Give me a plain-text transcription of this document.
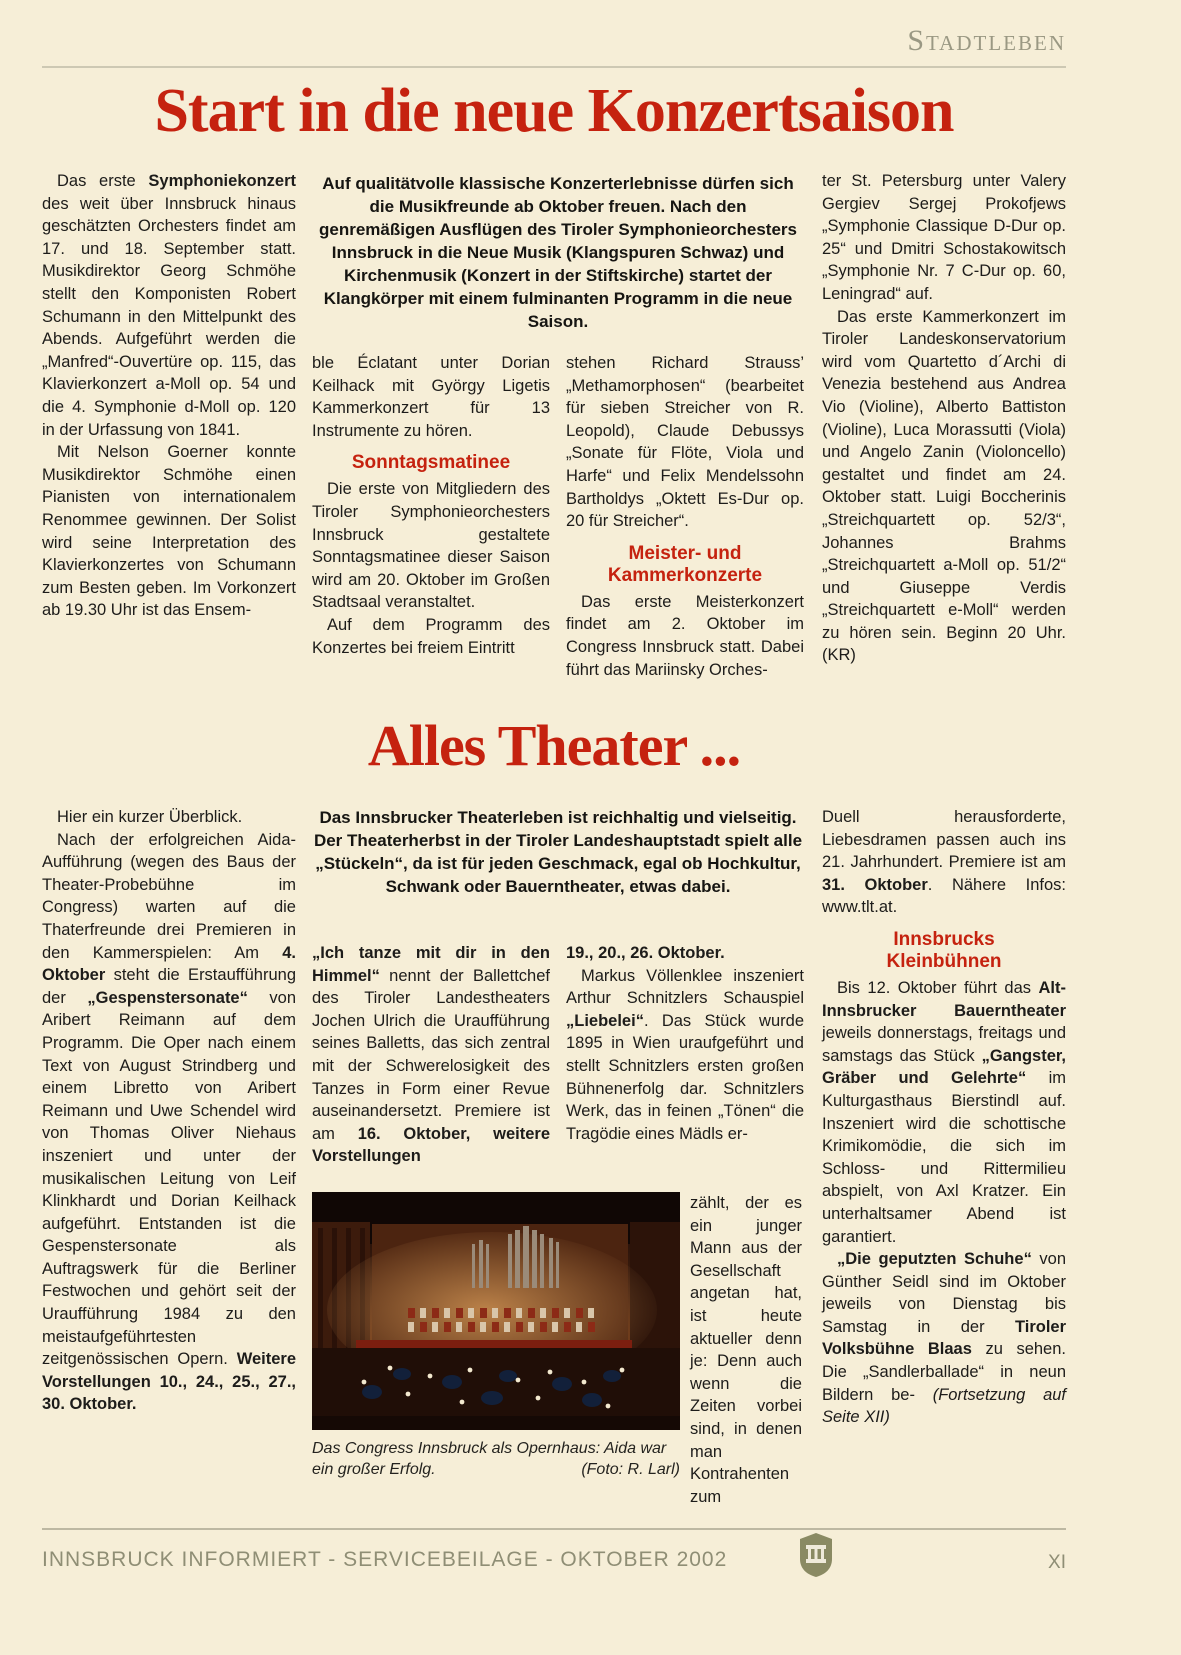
Stadtleben
Start in die neue Konzertsaison

Das erste Symphoniekonzert des weit über Innsbruck hinaus geschätzten Orchesters findet am 17. und 18. September statt. Musikdirektor Georg Schmöhe stellt den Komponisten Robert Schumann in den Mittelpunkt des Abends. Aufgeführt werden die „Manfred“-Ouvertüre op. 115, das Klavierkonzert a-Moll op. 54 und die 4. Symphonie d-Moll op. 120 in der Urfassung von 1841.

Mit Nelson Goerner konnte Musikdirektor Schmöhe einen Pianisten von internationalem Renommee gewinnen. Der Solist wird seine Interpretation des Klavierkonzertes von Schumann zum Besten geben. Im Vorkonzert ab 19.30 Uhr ist das Ensem-

Auf qualitätvolle klassische Konzerterlebnisse dürfen sich die Musikfreunde ab Oktober freuen. Nach den genremäßigen Ausflügen des Tiroler Symphonieorchesters Innsbruck in die Neue Musik (Klangspuren Schwaz) und Kirchenmusik (Konzert in der Stiftskirche) startet der Klangkörper mit einem fulminanten Programm in die neue Saison.

ble Éclatant unter Dorian Keilhack mit György Ligetis Kammerkonzert für 13 Instrumente zu hören.

Sonntagsmatinee

Die erste von Mitgliedern des Tiroler Symphonieorchesters Innsbruck gestaltete Sonntagsmatinee dieser Saison wird am 20. Oktober im Großen Stadtsaal veranstaltet.

Auf dem Programm des Konzertes bei freiem Eintritt

stehen Richard Strauss’ „Methamorphosen“ (bearbeitet für sieben Streicher von R. Leopold), Claude Debussys „Sonate für Flöte, Viola und Harfe“ und Felix Mendelssohn Bartholdys „Oktett Es-Dur op. 20 für Streicher“.

Meister- und Kammerkonzerte

Das erste Meisterkonzert findet am 2. Oktober im Congress Innsbruck statt. Dabei führt das Mariinsky Orches-

ter St. Petersburg unter Valery Gergiev Sergej Prokofjews „Symphonie Classique D-Dur op. 25“ und Dmitri Schostakowitsch „Symphonie Nr. 7 C-Dur op. 60, Leningrad“ auf.

Das erste Kammerkonzert im Tiroler Landeskonservatorium wird vom Quartetto d´Archi di Venezia bestehend aus Andrea Vio (Violine), Alberto Battiston (Violine), Luca Morassutti (Viola) und Angelo Zanin (Violoncello) gestaltet und findet am 24. Oktober statt. Luigi Boccherinis „Streichquartett op. 52/3“, Johannes Brahms „Streichquartett a-Moll op. 51/2“ und Giuseppe Verdis „Streichquartett e-Moll“ werden zu hören sein. Beginn 20 Uhr. (KR)

Alles Theater ...

Hier ein kurzer Überblick.

Nach der erfolgreichen Aida-Aufführung (wegen des Baus der Theater-Probebühne im Congress) warten auf die Thaterfreunde drei Premieren in den Kammerspielen: Am 4. Oktober steht die Erstaufführung der „Gespenstersonate“ von Aribert Reimann auf dem Programm. Die Oper nach einem Text von August Strindberg und einem Libretto von Aribert Reimann und Uwe Schendel wird von Thomas Oliver Niehaus inszeniert und unter der musikalischen Leitung von Leif Klinkhardt und Dorian Keilhack aufgeführt. Entstanden ist die Gespenstersonate als Auftragswerk für die Berliner Festwochen und gehört seit der Uraufführung 1984 zu den meistaufgeführtesten zeitgenössischen Opern. Weitere Vorstellungen 10., 24., 25., 27., 30. Oktober.

Das Innsbrucker Theaterleben ist reichhaltig und vielseitig. Der Theaterherbst in der Tiroler Landeshauptstadt spielt alle „Stückeln“, da ist für jeden Geschmack, egal ob Hochkultur, Schwank oder Bauerntheater, etwas dabei.

„Ich tanze mit dir in den Himmel“ nennt der Ballettchef des Tiroler Landestheaters Jochen Ulrich die Uraufführung seines Balletts, das sich zentral mit der Schwerelosigkeit des Tanzes in Form einer Revue auseinandersetzt. Premiere ist am 16. Oktober, weitere Vorstellungen

Das Congress Innsbruck als Opernhaus: Aida war
ein großer Erfolg.	(Foto: R. Larl)

19., 20., 26. Oktober.

Markus Völlenklee inszeniert Arthur Schnitzlers Schauspiel „Liebelei“. Das Stück wurde 1895 in Wien uraufgeführt und stellt Schnitzlers ersten großen Bühnenerfolg dar. Schnitzlers Werk, das in feinen „Tönen“ die Tragödie eines Mädls er-

zählt, der es ein junger Mann aus der Gesellschaft angetan hat, ist heute aktueller denn je: Denn auch wenn die Zeiten vorbei sind, in denen man Kontrahenten zum

Duell herausforderte, Liebesdramen passen auch ins 21. Jahrhundert. Premiere ist am 31. Oktober. Nähere Infos: www.tlt.at.

Innsbrucks Kleinbühnen

Bis 12. Oktober führt das Alt-Innsbrucker Bauerntheater jeweils donnerstags, freitags und samstags das Stück „Gangster, Gräber und Gelehrte“ im Kulturgasthaus Bierstindl auf. Inszeniert wird die schottische Krimikomödie, die sich im Schloss- und Rittermilieu abspielt, von Axl Kratzer. Ein unterhaltsamer Abend ist garantiert.

„Die geputzten Schuhe“ von Günther Seidl sind im Oktober jeweils von Dienstag bis Samstag in der Tiroler Volksbühne Blaas zu sehen. Die „Sandlerballade“ in neun Bildern be- (Fortsetzung auf Seite XII)

INNSBRUCK INFORMIERT - SERVICEBEILAGE - OKTOBER 2002	XI
